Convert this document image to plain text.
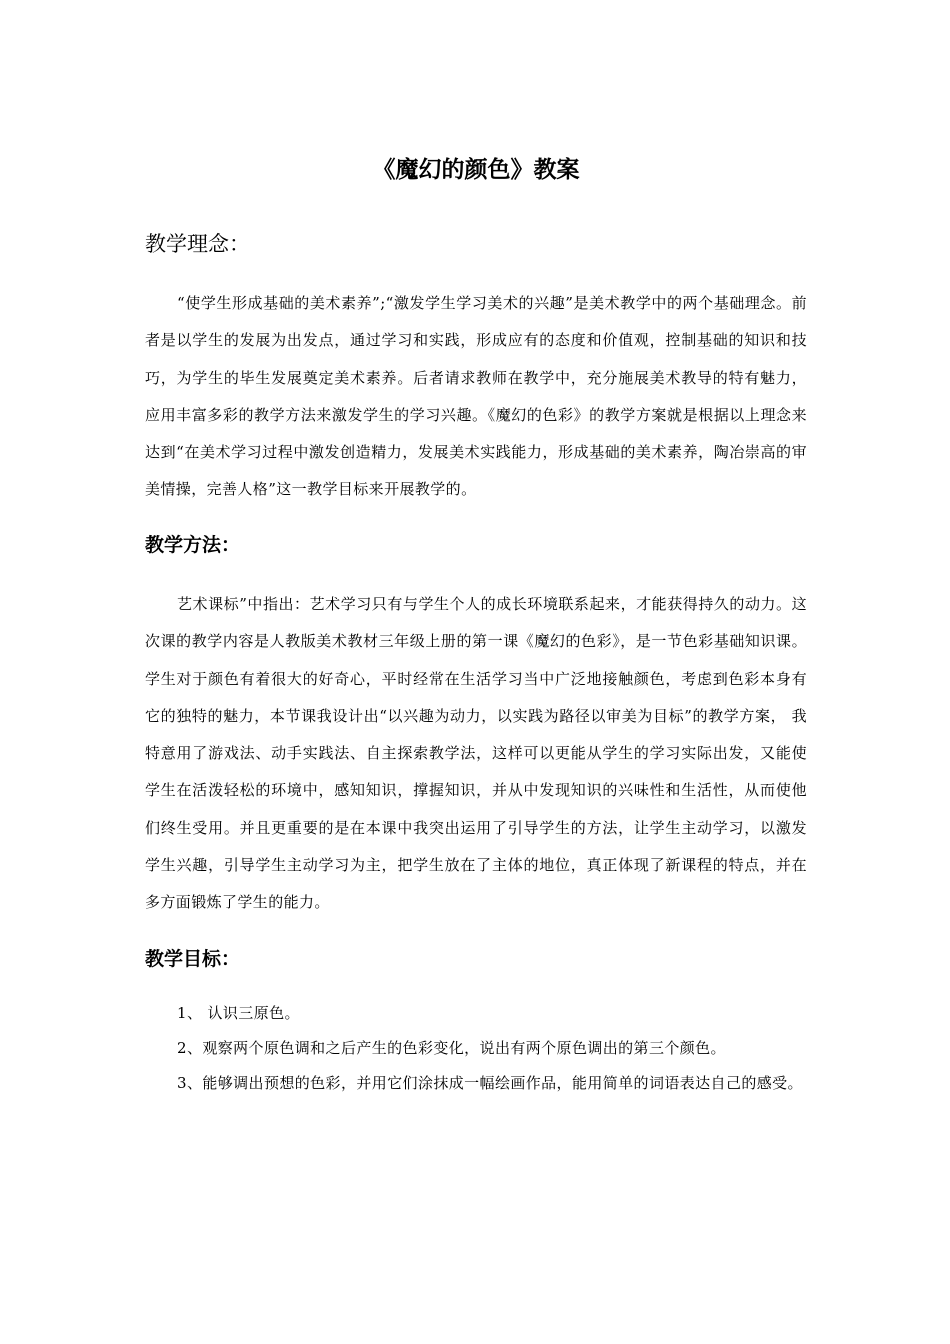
《魔幻的颜色》教案
教学理念：

“使学生形成基础的美术素养”;“激发学生学习美术的兴趣”是美术教学中的两个基础理念。前者是以学生的发展为出发点，通过学习和实践，形成应有的态度和价值观，控制基础的知识和技巧，为学生的毕生发展奠定美术素养。后者请求教师在教学中，充分施展美术教导的特有魅力，应用丰富多彩的教学方法来激发学生的学习兴趣。《魔幻的色彩》的教学方案就是根据以上理念来达到“在美术学习过程中激发创造精力，发展美术实践能力，形成基础的美术素养，陶冶崇高的审美情操，完善人格”这一教学目标来开展教学的。

教学方法：

艺术课标”中指出：艺术学习只有与学生个人的成长环境联系起来，才能获得持久的动力。这次课的教学内容是人教版美术教材三年级上册的第一课《魔幻的色彩》，是一节色彩基础知识课。学生对于颜色有着很大的好奇心，平时经常在生活学习当中广泛地接触颜色，考虑到色彩本身有它的独特的魅力，本节课我设计出“以兴趣为动力，以实践为路径以审美为目标”的教学方案， 我特意用了游戏法、动手实践法、自主探索教学法，这样可以更能从学生的学习实际出发，又能使学生在活泼轻松的环境中，感知知识，撑握知识，并从中发现知识的兴味性和生活性，从而使他们终生受用。并且更重要的是在本课中我突出运用了引导学生的方法，让学生主动学习，以激发学生兴趣，引导学生主动学习为主，把学生放在了主体的地位，真正体现了新课程的特点，并在多方面锻炼了学生的能力。

教学目标：

1、 认识三原色。

2、观察两个原色调和之后产生的色彩变化，说出有两个原色调出的第三个颜色。

3、能够调出预想的色彩，并用它们涂抹成一幅绘画作品，能用简单的词语表达自己的感受。
